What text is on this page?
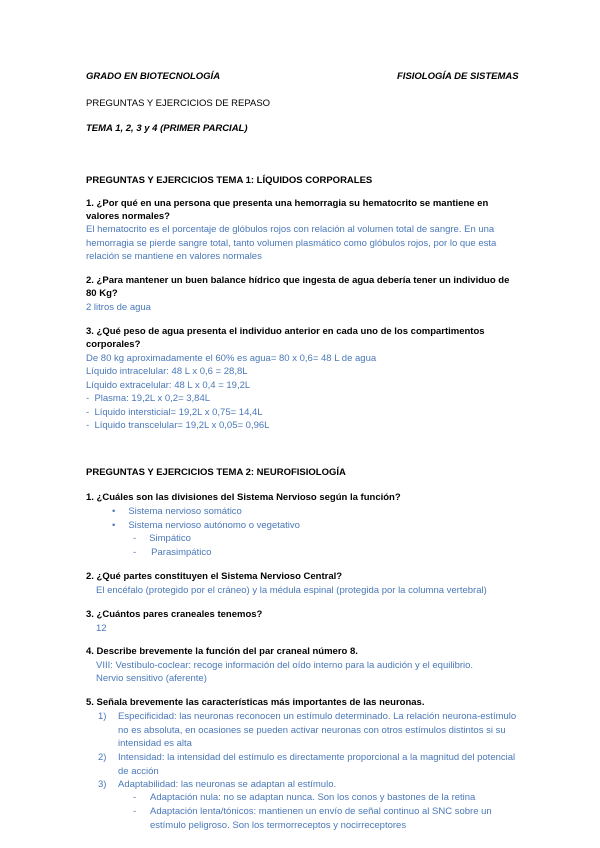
GRADO EN BIOTECNOLOGÍA	FISIOLOGÍA DE SISTEMAS
PREGUNTAS Y EJERCICIOS DE REPASO
TEMA 1, 2, 3 y 4 (PRIMER PARCIAL)
PREGUNTAS Y EJERCICIOS TEMA 1: LÍQUIDOS CORPORALES
1. ¿Por qué en una persona que presenta una hemorragia su hematocrito se mantiene en valores normales?
El hematocrito es el porcentaje de glóbulos rojos con relación al volumen total de sangre. En una hemorragia se pierde sangre total, tanto volumen plasmático como glóbulos rojos, por lo que esta relación se mantiene en valores normales
2. ¿Para mantener un buen balance hídrico que ingesta de agua debería tener un individuo de 80 Kg?
2 litros de agua
3. ¿Qué peso de agua presenta el individuo anterior en cada uno de los compartimentos corporales?
De 80 kg aproximadamente el 60% es agua= 80 x 0,6= 48 L de agua
Líquido intracelular: 48 L x 0,6 = 28,8L
Líquido extracelular: 48 L x 0,4 = 19,2L
-  Plasma: 19,2L x 0,2= 3,84L
-  Líquido intersticial= 19,2L x 0,75= 14,4L
-  Líquido transcelular= 19,2L x 0,05= 0,96L
PREGUNTAS Y EJERCICIOS TEMA 2: NEUROFISIOLOGÍA
1. ¿Cuáles son las divisiones del Sistema Nervioso según la función?
• Sistema nervioso somático
• Sistema nervioso autónomo o vegetativo
- Simpático
- Parasimpático
2. ¿Qué partes constituyen el Sistema Nervioso Central?
El encéfalo (protegido por el cráneo) y la médula espinal (protegida por la columna vertebral)
3. ¿Cuántos pares craneales tenemos?
12
4. Describe brevemente la función del par craneal número 8.
VIII: Vestíbulo-coclear: recoge información del oído interno para la audición y el equilibrio.
Nervio sensitivo (aferente)
5. Señala brevemente las características más importantes de las neuronas.
1) Especificidad: las neuronas reconocen un estímulo determinado. La relación neurona-estímulo no es absoluta, en ocasiones se pueden activar neuronas con otros estímulos distintos si su intensidad es alta
2) Intensidad: la intensidad del estímulo es directamente proporcional a la magnitud del potencial de acción
3) Adaptabilidad: las neuronas se adaptan al estímulo.
- Adaptación nula: no se adaptan nunca. Son los conos y bastones de la retina
- Adaptación lenta/tónicos: mantienen un envío de señal continuo al SNC sobre un estímulo peligroso. Son los termorreceptos y nocirreceptores
